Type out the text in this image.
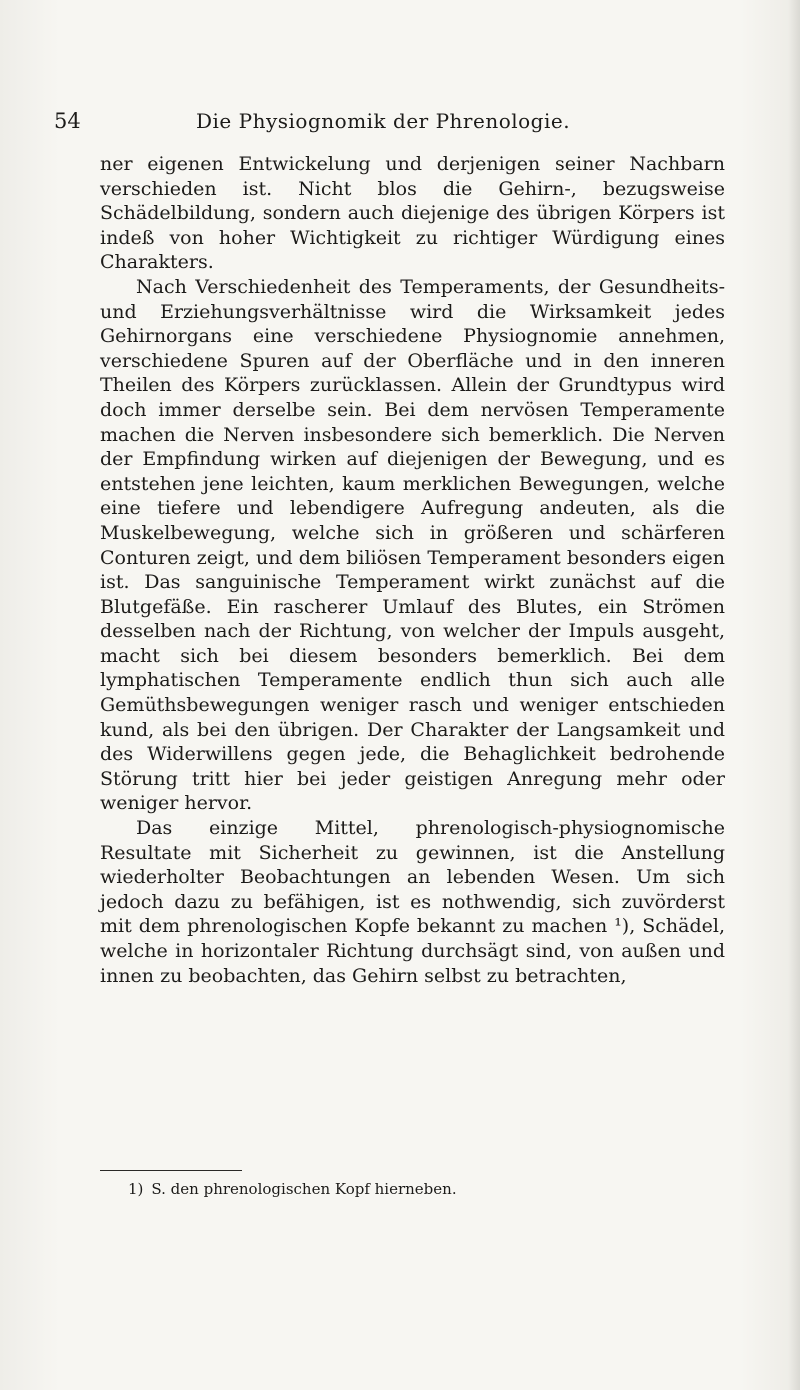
54	Die Physiognomik der Phrenologie.

ner eigenen Entwickelung und derjenigen seiner Nachbarn verschieden ist. Nicht blos die Gehirn-, bezugsweise Schädelbildung, sondern auch diejenige des übrigen Körpers ist indeß von hoher Wichtigkeit zu richtiger Würdigung eines Charakters.

Nach Verschiedenheit des Temperaments, der Gesundheits- und Erziehungsverhältnisse wird die Wirksamkeit jedes Gehirnorgans eine verschiedene Physiognomie annehmen, verschiedene Spuren auf der Oberfläche und in den inneren Theilen des Körpers zurücklassen. Allein der Grundtypus wird doch immer derselbe sein. Bei dem nervösen Temperamente machen die Nerven insbesondere sich bemerklich. Die Nerven der Empfindung wirken auf diejenigen der Bewegung, und es entstehen jene leichten, kaum merklichen Bewegungen, welche eine tiefere und lebendigere Aufregung andeuten, als die Muskelbewegung, welche sich in größeren und schärferen Conturen zeigt, und dem biliösen Temperament besonders eigen ist. Das sanguinische Temperament wirkt zunächst auf die Blutgefäße. Ein rascherer Umlauf des Blutes, ein Strömen desselben nach der Richtung, von welcher der Impuls ausgeht, macht sich bei diesem besonders bemerklich. Bei dem lymphatischen Temperamente endlich thun sich auch alle Gemüthsbewegungen weniger rasch und weniger entschieden kund, als bei den übrigen. Der Charakter der Langsamkeit und des Widerwillens gegen jede, die Behaglichkeit bedrohende Störung tritt hier bei jeder geistigen Anregung mehr oder weniger hervor.

Das einzige Mittel, phrenologisch-physiognomische Resultate mit Sicherheit zu gewinnen, ist die Anstellung wiederholter Beobachtungen an lebenden Wesen. Um sich jedoch dazu zu befähigen, ist es nothwendig, sich zuvörderst mit dem phrenologischen Kopfe bekannt zu machen ¹), Schädel, welche in horizontaler Richtung durchsägt sind, von außen und innen zu beobachten, das Gehirn selbst zu betrachten,

1) S. den phrenologischen Kopf hierneben.
